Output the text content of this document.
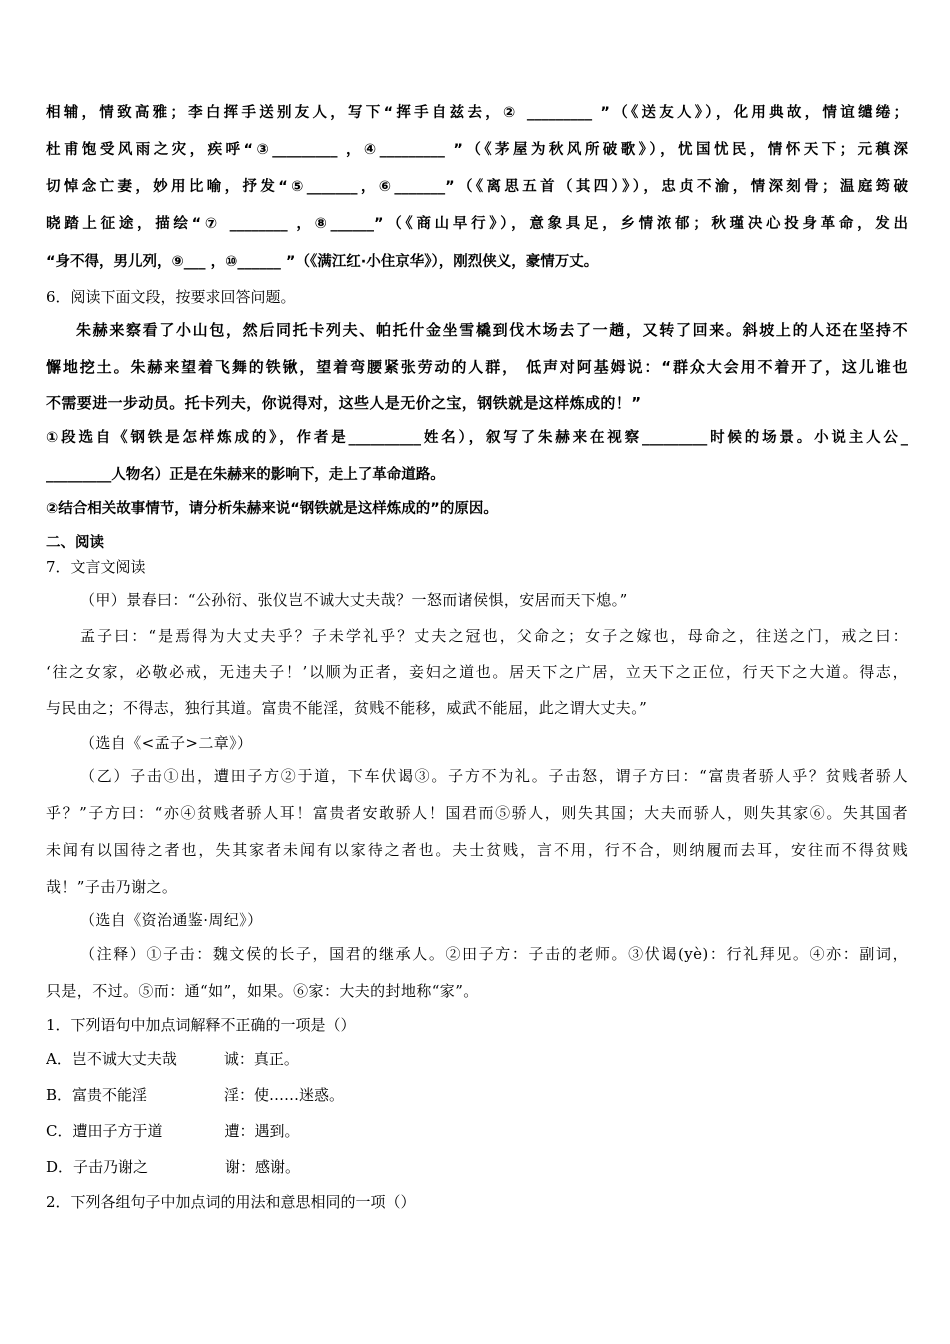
相辅，情致高雅；李白挥手送别友人，写下“挥手自兹去，② _________ ”（《送友人》），化用典故，情谊缱绻；
杜甫饱受风雨之灾，疾呼“③_________ ，④_________ ”（《茅屋为秋风所破歌》），忧国忧民，情怀天下；元稹深
切悼念亡妻，妙用比喻，抒发“⑤_______，⑥_______”（《离思五首（其四）》），忠贞不渝，情深刻骨；温庭筠破
晓踏上征途，描绘“⑦ ________ ，⑧______”（《商山早行》），意象具足，乡情浓郁；秋瑾决心投身革命，发出
“身不得，男儿列，⑨___ ，⑩______ ”（《满江红·小住京华》），刚烈侠义，豪情万丈。
6．阅读下面文段，按要求回答问题。
朱赫来察看了小山包，然后同托卡列夫、帕托什金坐雪橇到伐木场去了一趟，又转了回来。斜坡上的人还在坚持不
懈地挖土。朱赫来望着飞舞的铁锹，望着弯腰紧张劳动的人群， 低声对阿基姆说：“群众大会用不着开了，这儿谁也
不需要进一步动员。托卡列夫，你说得对，这些人是无价之宝，钢铁就是这样炼成的！”
①段选自《钢铁是怎样炼成的》，作者是__________姓名），叙写了朱赫来在视察_________时候的场景。小说主人公_
_________人物名）正是在朱赫来的影响下，走上了革命道路。
②结合相关故事情节，请分析朱赫来说“钢铁就是这样炼成的”的原因。
二、阅读
7．文言文阅读
（甲）景春曰：“公孙衍、张仪岂不诚大丈夫哉？一怒而诸侯惧，安居而天下熄。”
孟子曰：“是焉得为大丈夫乎？子未学礼乎？丈夫之冠也，父命之；女子之嫁也，母命之，往送之门，戒之曰：
‘往之女家，必敬必戒，无违夫子！’以顺为正者，妾妇之道也。居天下之广居，立天下之正位，行天下之大道。得志，
与民由之；不得志，独行其道。富贵不能淫，贫贱不能移，威武不能屈，此之谓大丈夫。”
（选自《<孟子>二章》）
（乙）子击①出，遭田子方②于道，下车伏谒③。子方不为礼。子击怒，谓子方曰：“富贵者骄人乎？贫贱者骄人
乎？”子方曰：“亦④贫贱者骄人耳！富贵者安敢骄人！国君而⑤骄人，则失其国；大夫而骄人，则失其家⑥。失其国者
未闻有以国待之者也，失其家者未闻有以家待之者也。夫士贫贱，言不用，行不合，则纳履而去耳，安往而不得贫贱
哉！”子击乃谢之。
（选自《资治通鉴·周纪》）
（注释）①子击：魏文侯的长子，国君的继承人。②田子方：子击的老师。③伏谒(yè)：行礼拜见。④亦：副词，
只是，不过。⑤而：通“如”，如果。⑥家：大夫的封地称“家”。
1．下列语句中加点词解释不正确的一项是（）
A．岂不诚大丈夫哉	诚：真正。
B．富贵不能淫	淫：使……迷惑。
C．遭田子方于道	遭：遇到。
D．子击乃谢之	谢：感谢。
2．下列各组句子中加点词的用法和意思相同的一项（）
